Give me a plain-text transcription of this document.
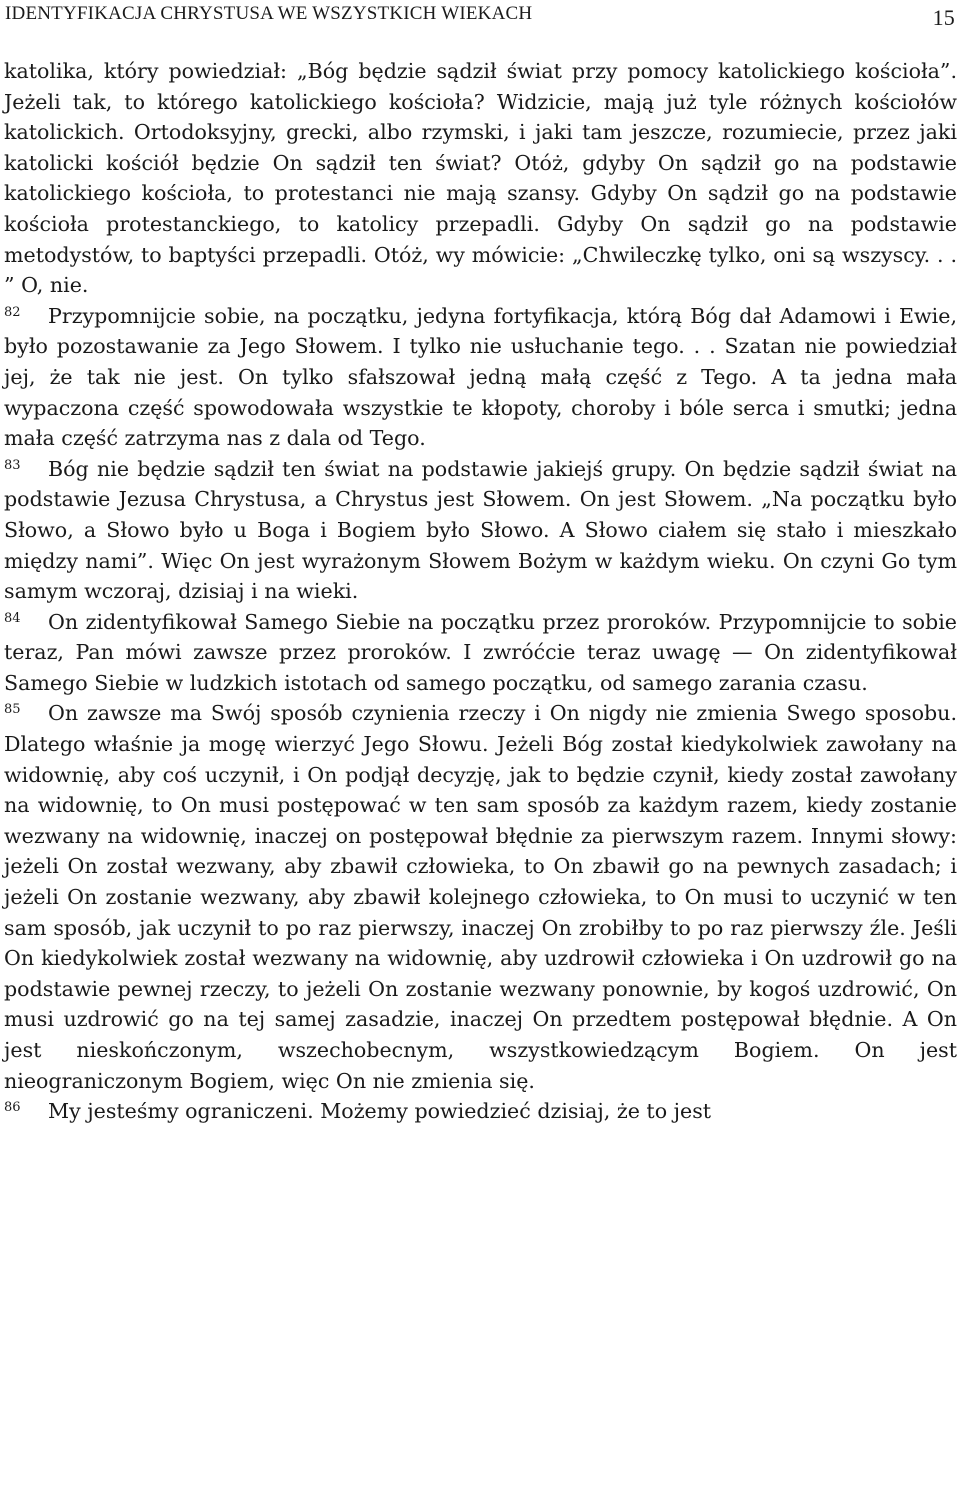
IDENTYFIKACJA CHRYSTUSA WE WSZYSTKICH WIEKACH	15

katolika, który powiedział: „Bóg będzie sądził świat przy pomocy katolickiego kościoła”. Jeżeli tak, to którego katolickiego kościoła? Widzicie, mają już tyle różnych kościołów katolickich. Ortodoksyjny, grecki, albo rzymski, i jaki tam jeszcze, rozumiecie, przez jaki katolicki kościół będzie On sądził ten świat? Otóż, gdyby On sądził go na podstawie katolickiego kościoła, to protestanci nie mają szansy. Gdyby On sądził go na podstawie kościoła protestanckiego, to katolicy przepadli. Gdyby On sądził go na podstawie metodystów, to baptyści przepadli. Otóż, wy mówicie: „Chwileczkę tylko, oni są wszyscy. . . ” O, nie.

82 Przypomnijcie sobie, na początku, jedyna fortyfikacja, którą Bóg dał Adamowi i Ewie, było pozostawanie za Jego Słowem. I tylko nie usłuchanie tego. . . Szatan nie powiedział jej, że tak nie jest. On tylko sfałszował jedną małą część z Tego. A ta jedna mała wypaczona część spowodowała wszystkie te kłopoty, choroby i bóle serca i smutki; jedna mała część zatrzyma nas z dala od Tego.

83 Bóg nie będzie sądził ten świat na podstawie jakiejś grupy. On będzie sądził świat na podstawie Jezusa Chrystusa, a Chrystus jest Słowem. On jest Słowem. „Na początku było Słowo, a Słowo było u Boga i Bogiem było Słowo. A Słowo ciałem się stało i mieszkało między nami”. Więc On jest wyrażonym Słowem Bożym w każdym wieku. On czyni Go tym samym wczoraj, dzisiaj i na wieki.

84 On zidentyfikował Samego Siebie na początku przez proroków. Przypomnijcie to sobie teraz, Pan mówi zawsze przez proroków. I zwróćcie teraz uwagę — On zidentyfikował Samego Siebie w ludzkich istotach od samego początku, od samego zarania czasu.

85 On zawsze ma Swój sposób czynienia rzeczy i On nigdy nie zmienia Swego sposobu. Dlatego właśnie ja mogę wierzyć Jego Słowu. Jeżeli Bóg został kiedykolwiek zawołany na widownię, aby coś uczynił, i On podjął decyzję, jak to będzie czynił, kiedy został zawołany na widownię, to On musi postępować w ten sam sposób za każdym razem, kiedy zostanie wezwany na widownię, inaczej on postępował błędnie za pierwszym razem. Innymi słowy: jeżeli On został wezwany, aby zbawił człowieka, to On zbawił go na pewnych zasadach; i jeżeli On zostanie wezwany, aby zbawił kolejnego człowieka, to On musi to uczynić w ten sam sposób, jak uczynił to po raz pierwszy, inaczej On zrobiłby to po raz pierwszy źle. Jeśli On kiedykolwiek został wezwany na widownię, aby uzdrowił człowieka i On uzdrowił go na podstawie pewnej rzeczy, to jeżeli On zostanie wezwany ponownie, by kogoś uzdrowić, On musi uzdrowić go na tej samej zasadzie, inaczej On przedtem postępował błędnie. A On jest nieskończonym, wszechobecnym, wszystkowiedzącym Bogiem. On jest nieograniczonym Bogiem, więc On nie zmienia się.

86 My jesteśmy ograniczeni. Możemy powiedzieć dzisiaj, że to jest
